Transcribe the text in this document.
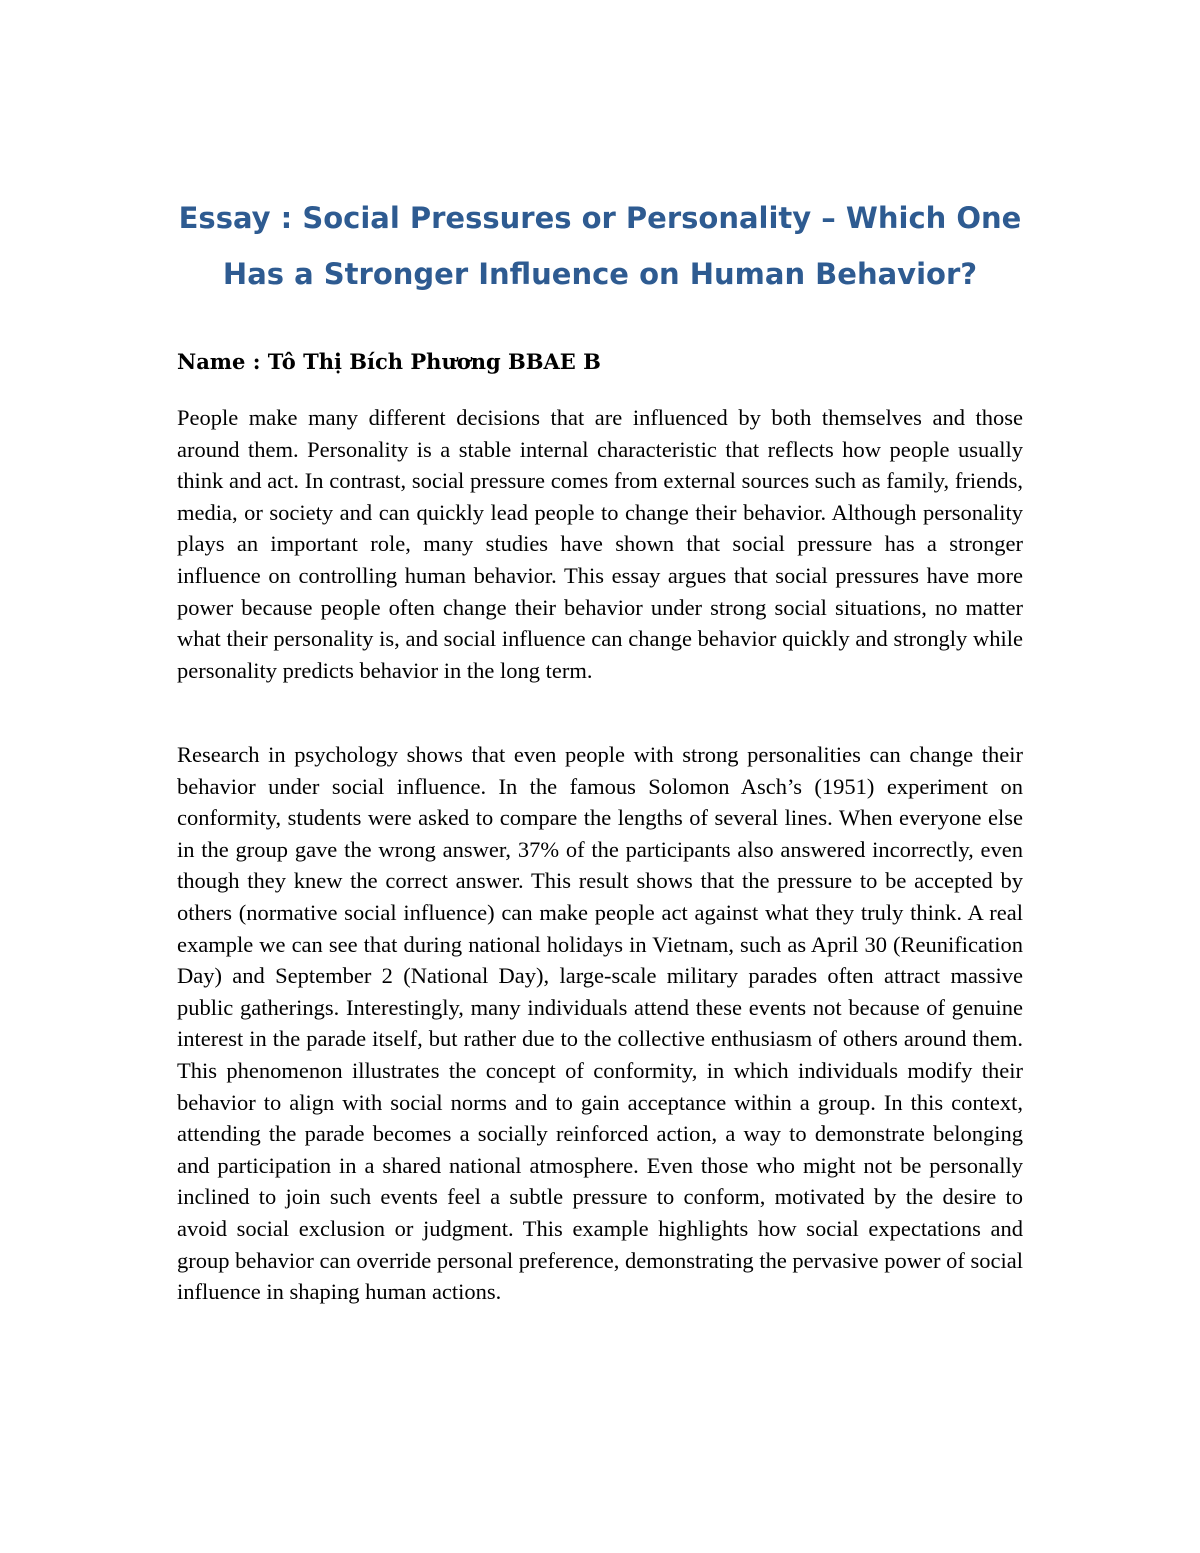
Essay : Social Pressures or Personality – Which One
Has a Stronger Influence on Human Behavior?

Name : Tô Thị Bích Phương BBAE B

People make many different decisions that are influenced by both themselves and those around them. Personality is a stable internal characteristic that reflects how people usually think and act. In contrast, social pressure comes from external sources such as family, friends, media, or society and can quickly lead people to change their behavior. Although personality plays an important role, many studies have shown that social pressure has a stronger influence on controlling human behavior. This essay argues that social pressures have more power because people often change their behavior under strong social situations, no matter what their personality is, and social influence can change behavior quickly and strongly while personality predicts behavior in the long term.

Research in psychology shows that even people with strong personalities can change their behavior under social influence. In the famous Solomon Asch’s (1951) experiment on conformity, students were asked to compare the lengths of several lines. When everyone else in the group gave the wrong answer, 37% of the participants also answered incorrectly, even though they knew the correct answer. This result shows that the pressure to be accepted by others (normative social influence) can make people act against what they truly think. A real example we can see that during national holidays in Vietnam, such as April 30 (Reunification Day) and September 2 (National Day), large-scale military parades often attract massive public gatherings. Interestingly, many individuals attend these events not because of genuine interest in the parade itself, but rather due to the collective enthusiasm of others around them. This phenomenon illustrates the concept of conformity, in which individuals modify their behavior to align with social norms and to gain acceptance within a group. In this context, attending the parade becomes a socially reinforced action, a way to demonstrate belonging and participation in a shared national atmosphere. Even those who might not be personally inclined to join such events feel a subtle pressure to conform, motivated by the desire to avoid social exclusion or judgment. This example highlights how social expectations and group behavior can override personal preference, demonstrating the pervasive power of social influence in shaping human actions.
